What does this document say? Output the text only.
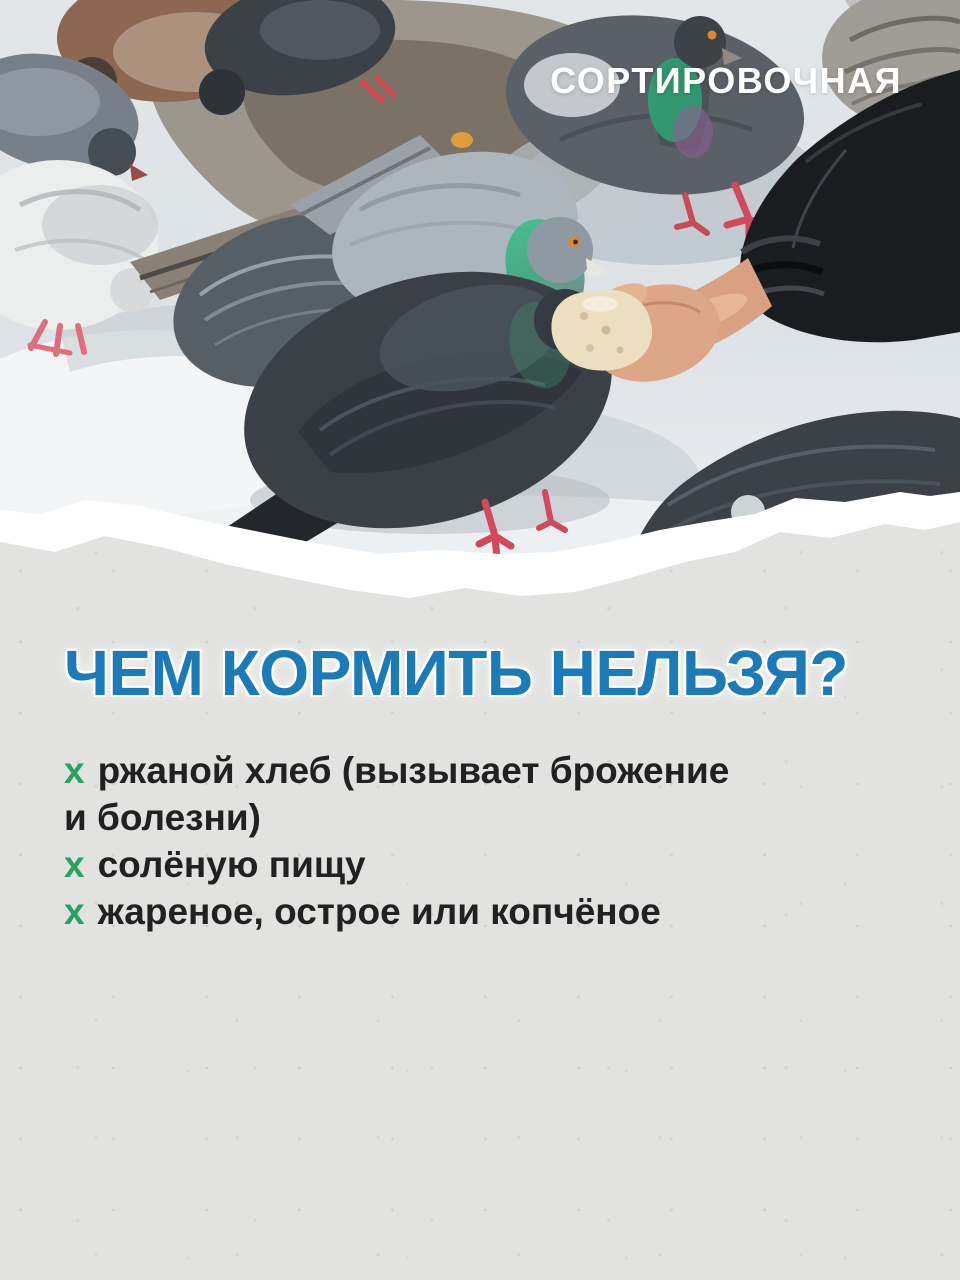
СОРТИРОВОЧНАЯ
ЧЕМ КОРМИТЬ НЕЛЬЗЯ?
х ржаной хлеб (вызывает брожение
и болезни)
х солёную пищу
х жареное, острое или копчёное
